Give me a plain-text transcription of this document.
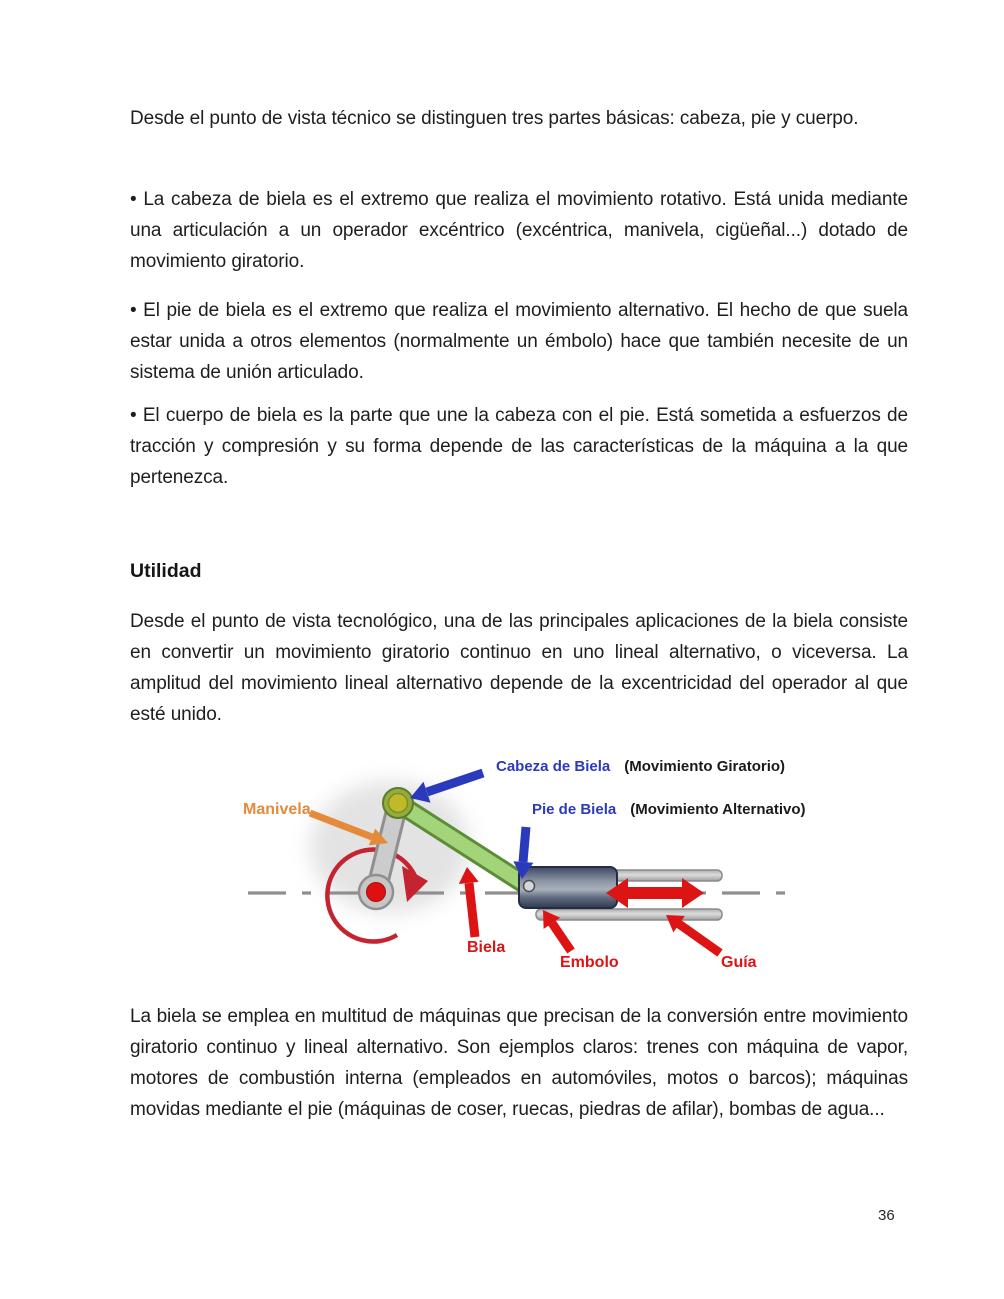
Desde el punto de vista técnico se distinguen tres partes básicas: cabeza, pie y cuerpo.

• La cabeza de biela es el extremo que realiza el movimiento rotativo. Está unida mediante una articulación a un operador excéntrico (excéntrica, manivela, cigüeñal...) dotado de movimiento giratorio.

• El pie de biela es el extremo que realiza el movimiento alternativo. El hecho de que suela estar unida a otros elementos (normalmente un émbolo) hace que también necesite de un sistema de unión articulado.

• El cuerpo de biela es la parte que une la cabeza con el pie. Está sometida a esfuerzos de tracción y compresión y su forma depende de las características de la máquina a la que pertenezca.

Utilidad

Desde el punto de vista tecnológico, una de las principales aplicaciones de la biela consiste en convertir un movimiento giratorio continuo en uno lineal alternativo, o viceversa. La amplitud del movimiento lineal alternativo depende de la excentricidad del operador al que esté unido.

Manivela
Cabeza de Biela (Movimiento Giratorio)
Pie de Biela (Movimiento Alternativo)
Biela
Embolo	Guía

La biela se emplea en multitud de máquinas que precisan de la conversión entre movimiento giratorio continuo y lineal alternativo. Son ejemplos claros: trenes con máquina de vapor, motores de combustión interna (empleados en automóviles, motos o barcos); máquinas movidas mediante el pie (máquinas de coser, ruecas, piedras de afilar), bombas de agua...

36
